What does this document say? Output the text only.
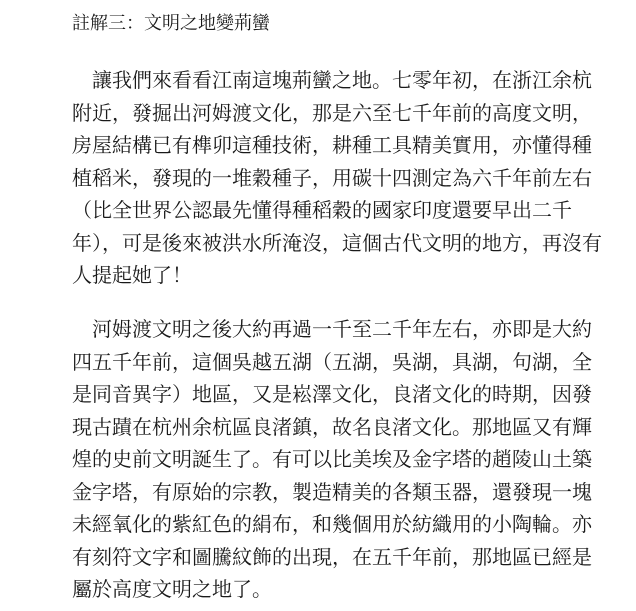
註解三：文明之地變荊蠻
　讓我們來看看江南這塊荊蠻之地。七零年初，在浙江余杭
附近，發掘出河姆渡文化，那是六至七千年前的高度文明，
房屋結構已有榫卯這種技術，耕種工具精美實用，亦懂得種
植稻米，發現的一堆穀種子，用碳十四測定為六千年前左右
（比全世界公認最先懂得種稻穀的國家印度還要早出二千
年），可是後來被洪水所淹沒，這個古代文明的地方，再沒有
人提起她了！
　河姆渡文明之後大約再過一千至二千年左右，亦即是大約
四五千年前，這個吳越五湖（五湖，吳湖，具湖，句湖，全
是同音異字）地區，又是崧澤文化，良渚文化的時期，因發
現古蹟在杭州余杭區良渚鎮，故名良渚文化。那地區又有輝
煌的史前文明誕生了。有可以比美埃及金字塔的趙陵山土築
金字塔，有原始的宗教，製造精美的各類玉器，還發現一塊
未經氧化的紫紅色的絹布，和幾個用於紡織用的小陶輪。亦
有刻符文字和圖騰紋飾的出現，在五千年前，那地區已經是
屬於高度文明之地了。
